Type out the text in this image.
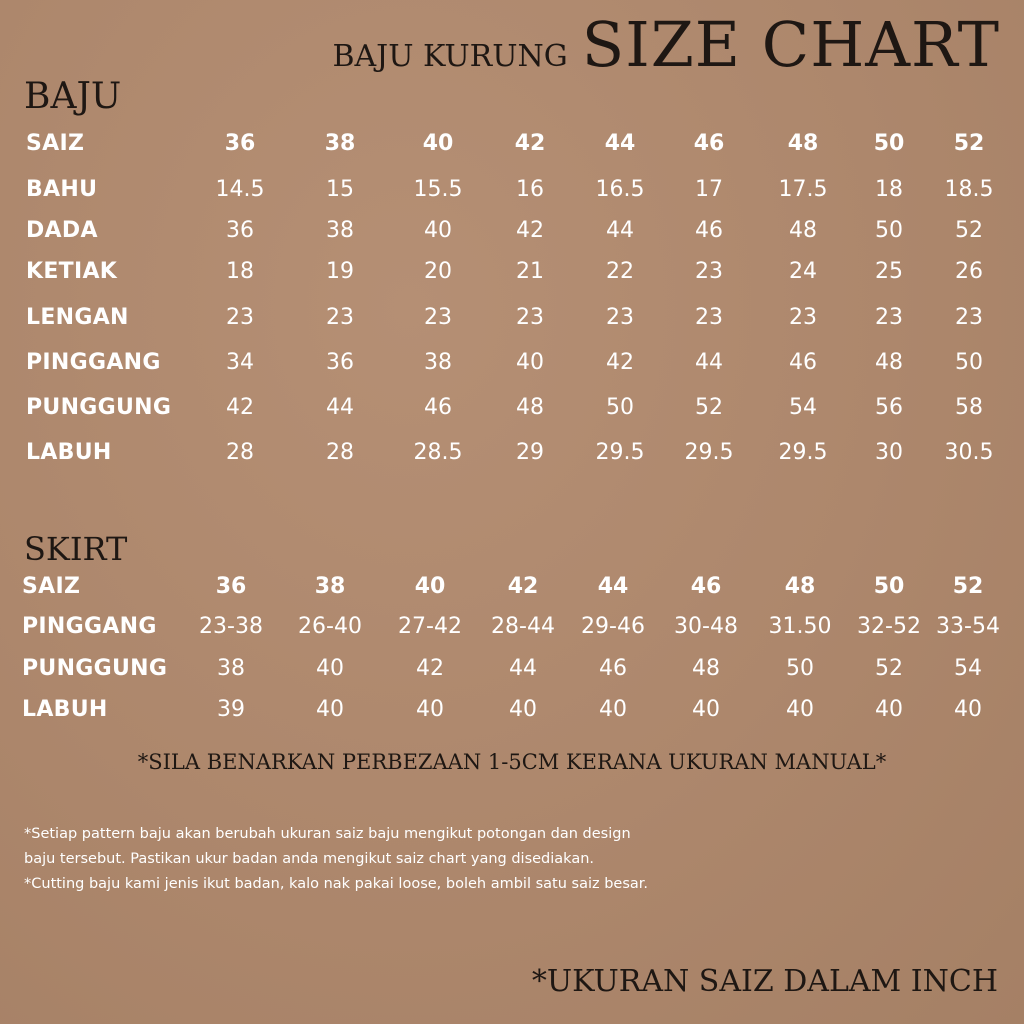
BAJU KURUNG SIZE CHART
BAJU
SAIZ	36	38	40	42	44	46	48	50 52
BAHU	14.5	15	15.5 16 16.5 17	17.5 18 18.5
DADA	36	38	40	42	44	46	48	50 52
KETIAK	18	19	20	21	22	23	24	25 26
LENGAN	23	23	23	23	23	23	23	23 23
PINGGANG	34	36	38	40	42	44	46	48 50
PUNGGUNG 42	44	46	48	50	52	54	56 58
LABUH	28	28	28.5 29 29.5 29.5 29.5 30 30.5
SKIRT
SAIZ	36	38	40	42	44	46	48	50 52
PINGGANG 23-38 26-40 27-42 28-44 29-46 30-48 31.50 32-52 33-54
PUNGGUNG 38	40	42	44	46	48	50	52 54
LABUH	39	40	40	40	40	40	40	40 40
*SILA BENARKAN PERBEZAAN 1-5CM KERANA UKURAN MANUAL*
*Setiap pattern baju akan berubah ukuran saiz baju mengikut potongan dan design
baju tersebut. Pastikan ukur badan anda mengikut saiz chart yang disediakan.
*Cutting baju kami jenis ikut badan, kalo nak pakai loose, boleh ambil satu saiz besar.
*UKURAN SAIZ DALAM INCH
